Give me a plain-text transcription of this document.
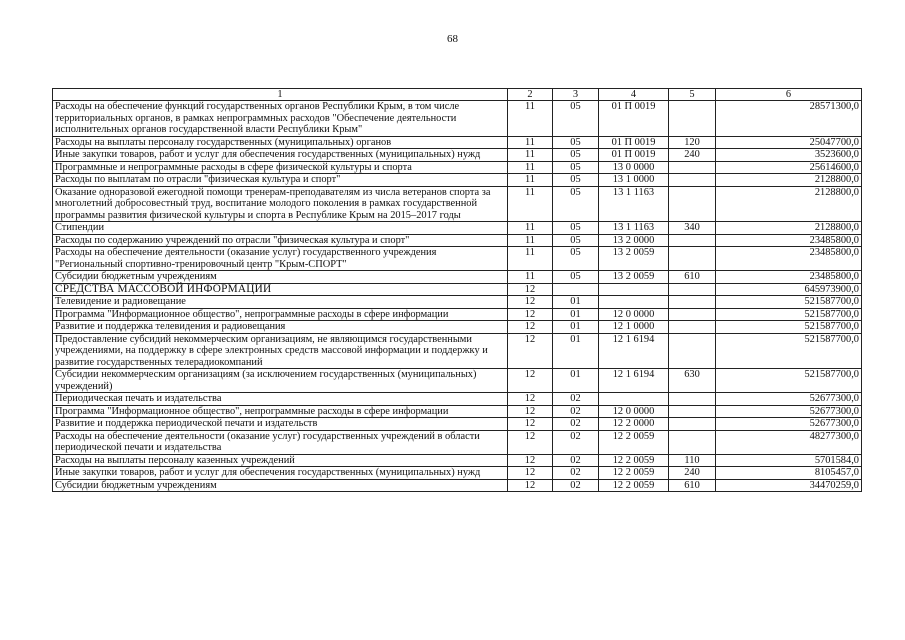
68
1	2	3	4	5	6
Расходы на обеспечение функций государственных органов Республики Крым, в том числе территориальных органов, в рамках непрограммных расходов "Обеспечение деятельности исполнительных органов государственной власти Республики Крым"	11	05	01 П 0019		28571300,0
Расходы на выплаты персоналу государственных (муниципальных) органов	11	05	01 П 0019	120	25047700,0
Иные закупки товаров, работ и услуг для обеспечения государственных (муниципальных) нужд	11	05	01 П 0019	240	3523600,0
Программные и непрограммные расходы в сфере физической культуры и спорта	11	05	13 0 0000		25614600,0
Расходы по выплатам по отрасли "физическая культура и спорт"	11	05	13 1 0000		2128800,0
Оказание одноразовой ежегодной помощи тренерам-преподавателям из числа ветеранов спорта за многолетний добросовестный труд, воспитание молодого поколения в рамках государственной программы развития физической культуры и спорта в Республике Крым на 2015–2017 годы	11	05	13 1 1163		2128800,0
Стипендии	11	05	13 1 1163	340	2128800,0
Расходы по содержанию учреждений по отрасли "физическая культура и спорт"	11	05	13 2 0000		23485800,0
Расходы на обеспечение деятельности (оказание услуг) государственного учреждения "Региональный спортивно-тренировочный центр "Крым-СПОРТ"	11	05	13 2 0059		23485800,0
Субсидии бюджетным учреждениям	11	05	13 2 0059	610	23485800,0
СРЕДСТВА МАССОВОЙ ИНФОРМАЦИИ	12				645973900,0
Телевидение и радиовещание	12	01			521587700,0
Программа "Информационное общество", непрограммные расходы в сфере информации	12	01	12 0 0000		521587700,0
Развитие и поддержка телевидения и радиовещания	12	01	12 1 0000		521587700,0
Предоставление субсидий некоммерческим организациям, не являющимся государственными учреждениями, на поддержку в сфере электронных средств массовой информации и поддержку и развитие государственных телерадиокомпаний	12	01	12 1 6194		521587700,0
Субсидии некоммерческим организациям (за исключением государственных (муниципальных) учреждений)	12	01	12 1 6194	630	521587700,0
Периодическая печать и издательства	12	02			52677300,0
Программа "Информационное общество", непрограммные расходы в сфере информации	12	02	12 0 0000		52677300,0
Развитие и поддержка периодической печати и издательств	12	02	12 2 0000		52677300,0
Расходы на обеспечение деятельности (оказание услуг) государственных учреждений в области периодической печати и издательства	12	02	12 2 0059		48277300,0
Расходы на выплаты персоналу казенных учреждений	12	02	12 2 0059	110	5701584,0
Иные закупки товаров, работ и услуг для обеспечения государственных (муниципальных) нужд	12	02	12 2 0059	240	8105457,0
Субсидии бюджетным учреждениям	12	02	12 2 0059	610	34470259,0
